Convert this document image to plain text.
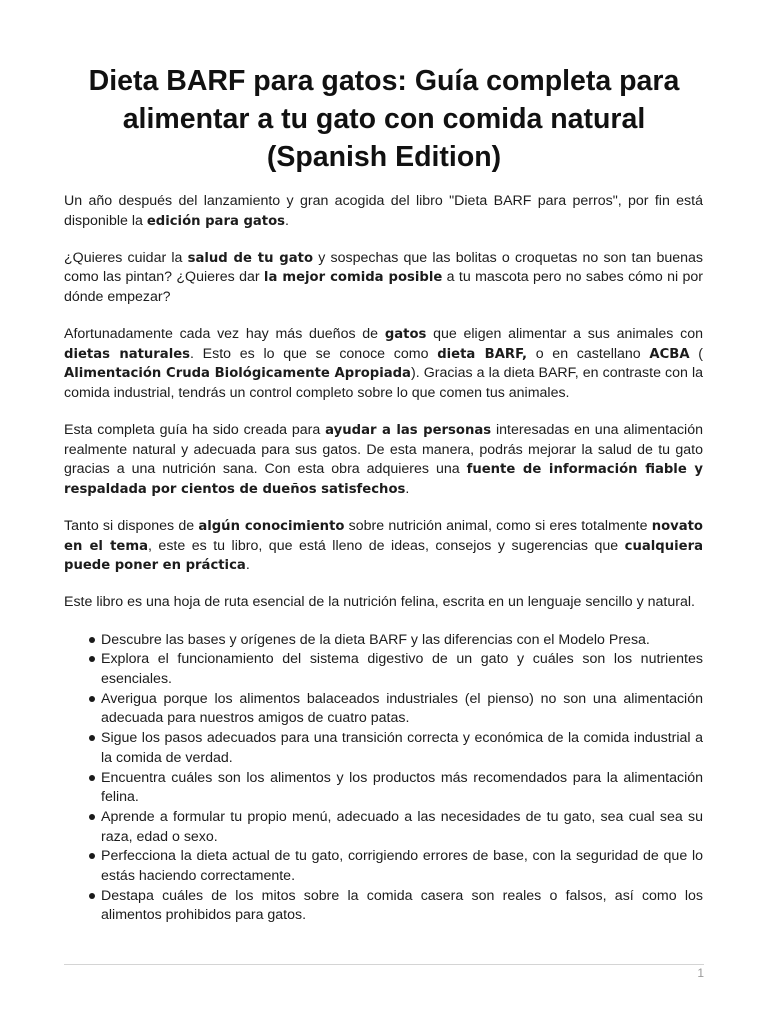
Dieta BARF para gatos: Guía completa para alimentar a tu gato con comida natural (Spanish Edition)

Un año después del lanzamiento y gran acogida del libro "Dieta BARF para perros", por fin está disponible la edición para gatos.

¿Quieres cuidar la salud de tu gato y sospechas que las bolitas o croquetas no son tan buenas como las pintan? ¿Quieres dar la mejor comida posible a tu mascota pero no sabes cómo ni por dónde empezar?

Afortunadamente cada vez hay más dueños de gatos que eligen alimentar a sus animales con dietas naturales. Esto es lo que se conoce como dieta BARF, o en castellano ACBA ( Alimentación Cruda Biológicamente Apropiada). Gracias a la dieta BARF, en contraste con la comida industrial, tendrás un control completo sobre lo que comen tus animales.

Esta completa guía ha sido creada para ayudar a las personas interesadas en una alimentación realmente natural y adecuada para sus gatos. De esta manera, podrás mejorar la salud de tu gato gracias a una nutrición sana. Con esta obra adquieres una fuente de información fiable y respaldada por cientos de dueños satisfechos.

Tanto si dispones de algún conocimiento sobre nutrición animal, como si eres totalmente novato en el tema, este es tu libro, que está lleno de ideas, consejos y sugerencias que cualquiera puede poner en práctica.

Este libro es una hoja de ruta esencial de la nutrición felina, escrita en un lenguaje sencillo y natural.

Descubre las bases y orígenes de la dieta BARF y las diferencias con el Modelo Presa.
Explora el funcionamiento del sistema digestivo de un gato y cuáles son los nutrientes esenciales.
Averigua porque los alimentos balaceados industriales (el pienso) no son una alimentación adecuada para nuestros amigos de cuatro patas.
Sigue los pasos adecuados para una transición correcta y económica de la comida industrial a la comida de verdad.
Encuentra cuáles son los alimentos y los productos más recomendados para la alimentación felina.
Aprende a formular tu propio menú, adecuado a las necesidades de tu gato, sea cual sea su raza, edad o sexo.
Perfecciona la dieta actual de tu gato, corrigiendo errores de base, con la seguridad de que lo estás haciendo correctamente.
Destapa cuáles de los mitos sobre la comida casera son reales o falsos, así como los alimentos prohibidos para gatos.
1
